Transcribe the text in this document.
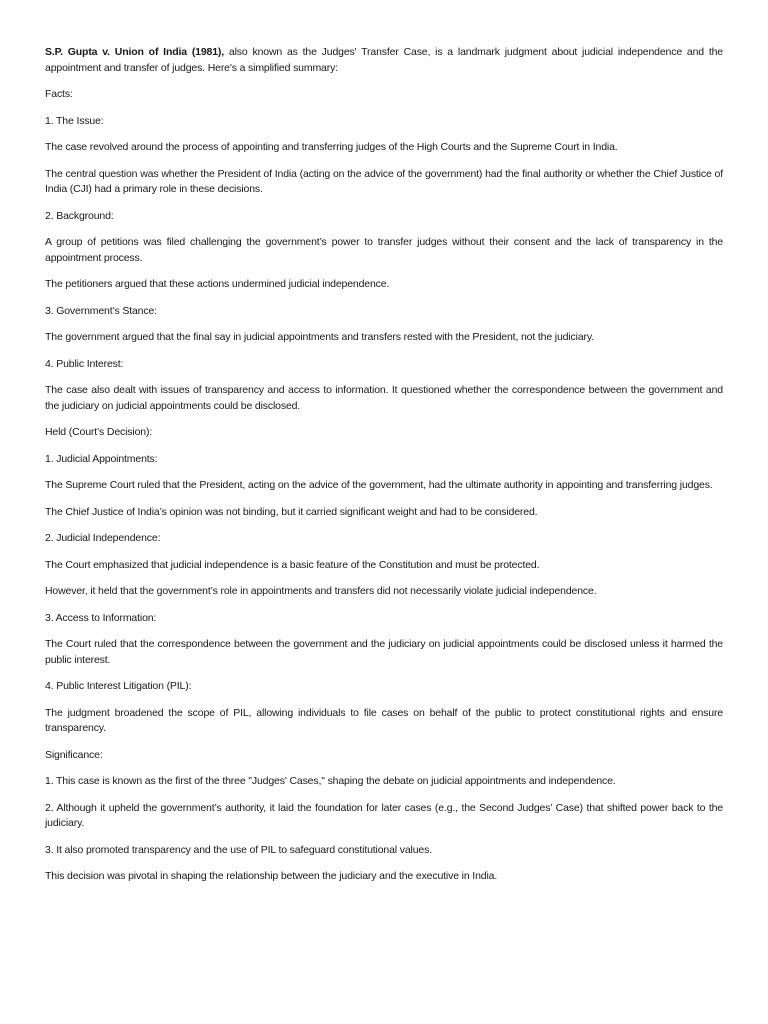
S.P. Gupta v. Union of India (1981), also known as the Judges' Transfer Case, is a landmark judgment about judicial independence and the appointment and transfer of judges. Here's a simplified summary:

Facts:

1. The Issue:

The case revolved around the process of appointing and transferring judges of the High Courts and the Supreme Court in India.

The central question was whether the President of India (acting on the advice of the government) had the final authority or whether the Chief Justice of India (CJI) had a primary role in these decisions.

2. Background:

A group of petitions was filed challenging the government’s power to transfer judges without their consent and the lack of transparency in the appointment process.

The petitioners argued that these actions undermined judicial independence.

3. Government’s Stance:

The government argued that the final say in judicial appointments and transfers rested with the President, not the judiciary.

4. Public Interest:

The case also dealt with issues of transparency and access to information. It questioned whether the correspondence between the government and the judiciary on judicial appointments could be disclosed.

Held (Court’s Decision):

1. Judicial Appointments:

The Supreme Court ruled that the President, acting on the advice of the government, had the ultimate authority in appointing and transferring judges.

The Chief Justice of India’s opinion was not binding, but it carried significant weight and had to be considered.

2. Judicial Independence:

The Court emphasized that judicial independence is a basic feature of the Constitution and must be protected.

However, it held that the government’s role in appointments and transfers did not necessarily violate judicial independence.

3. Access to Information:

The Court ruled that the correspondence between the government and the judiciary on judicial appointments could be disclosed unless it harmed the public interest.

4. Public Interest Litigation (PIL):

The judgment broadened the scope of PIL, allowing individuals to file cases on behalf of the public to protect constitutional rights and ensure transparency.

Significance:

1. This case is known as the first of the three "Judges' Cases," shaping the debate on judicial appointments and independence.

2. Although it upheld the government’s authority, it laid the foundation for later cases (e.g., the Second Judges’ Case) that shifted power back to the judiciary.

3. It also promoted transparency and the use of PIL to safeguard constitutional values.

This decision was pivotal in shaping the relationship between the judiciary and the executive in India.
